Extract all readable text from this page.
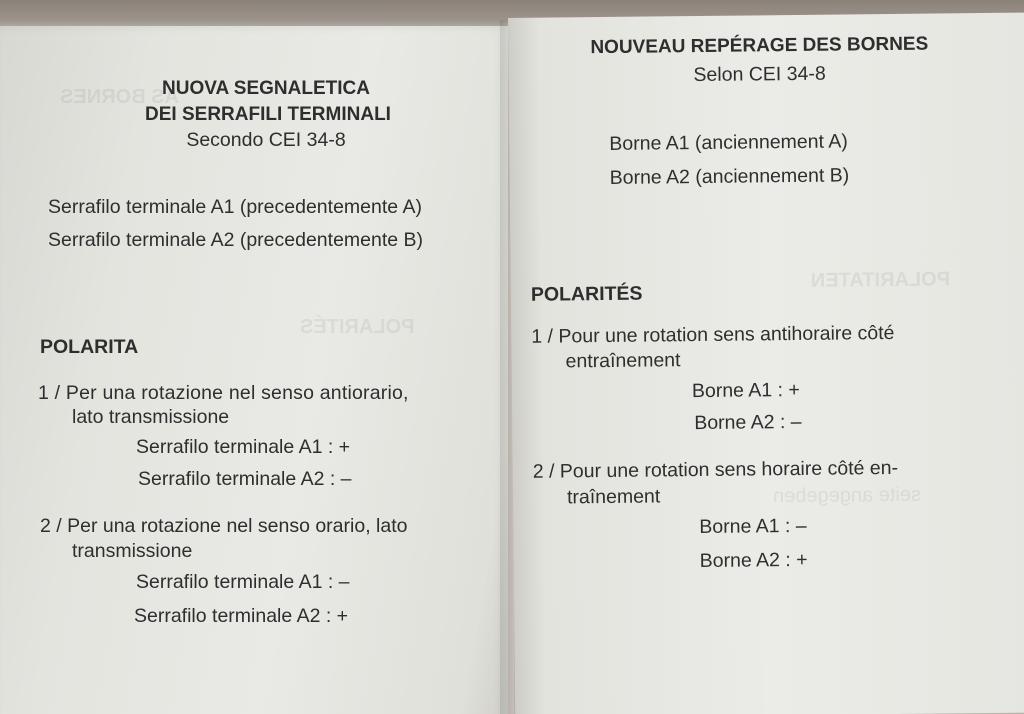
POLARITÉS
AS BORNES
NUOVA SEGNALETICA
DEI SERRAFILI TERMINALI
Secondo CEI 34-8
Serrafilo terminale A1 (precedentemente A)
Serrafilo terminale A2 (precedentemente B)
POLARITA
1 / Per una rotazione nel senso antiorario,
lato transmissione
Serrafilo terminale A1 : +
Serrafilo terminale A2 : –
2 / Per una rotazione nel senso orario, lato
transmissione
Serrafilo terminale A1 : –
Serrafilo terminale A2 : +
POLARITATEN
seite angegeben
NOUVEAU REPÉRAGE DES BORNES
Selon CEI 34-8
Borne A1 (anciennement A)
Borne A2 (anciennement B)
POLARITÉS
1 / Pour une rotation sens antihoraire côté
entraînement
Borne A1 : +
Borne A2 : –
2 / Pour une rotation sens horaire côté en-
traînement
Borne A1 : –
Borne A2 : +
